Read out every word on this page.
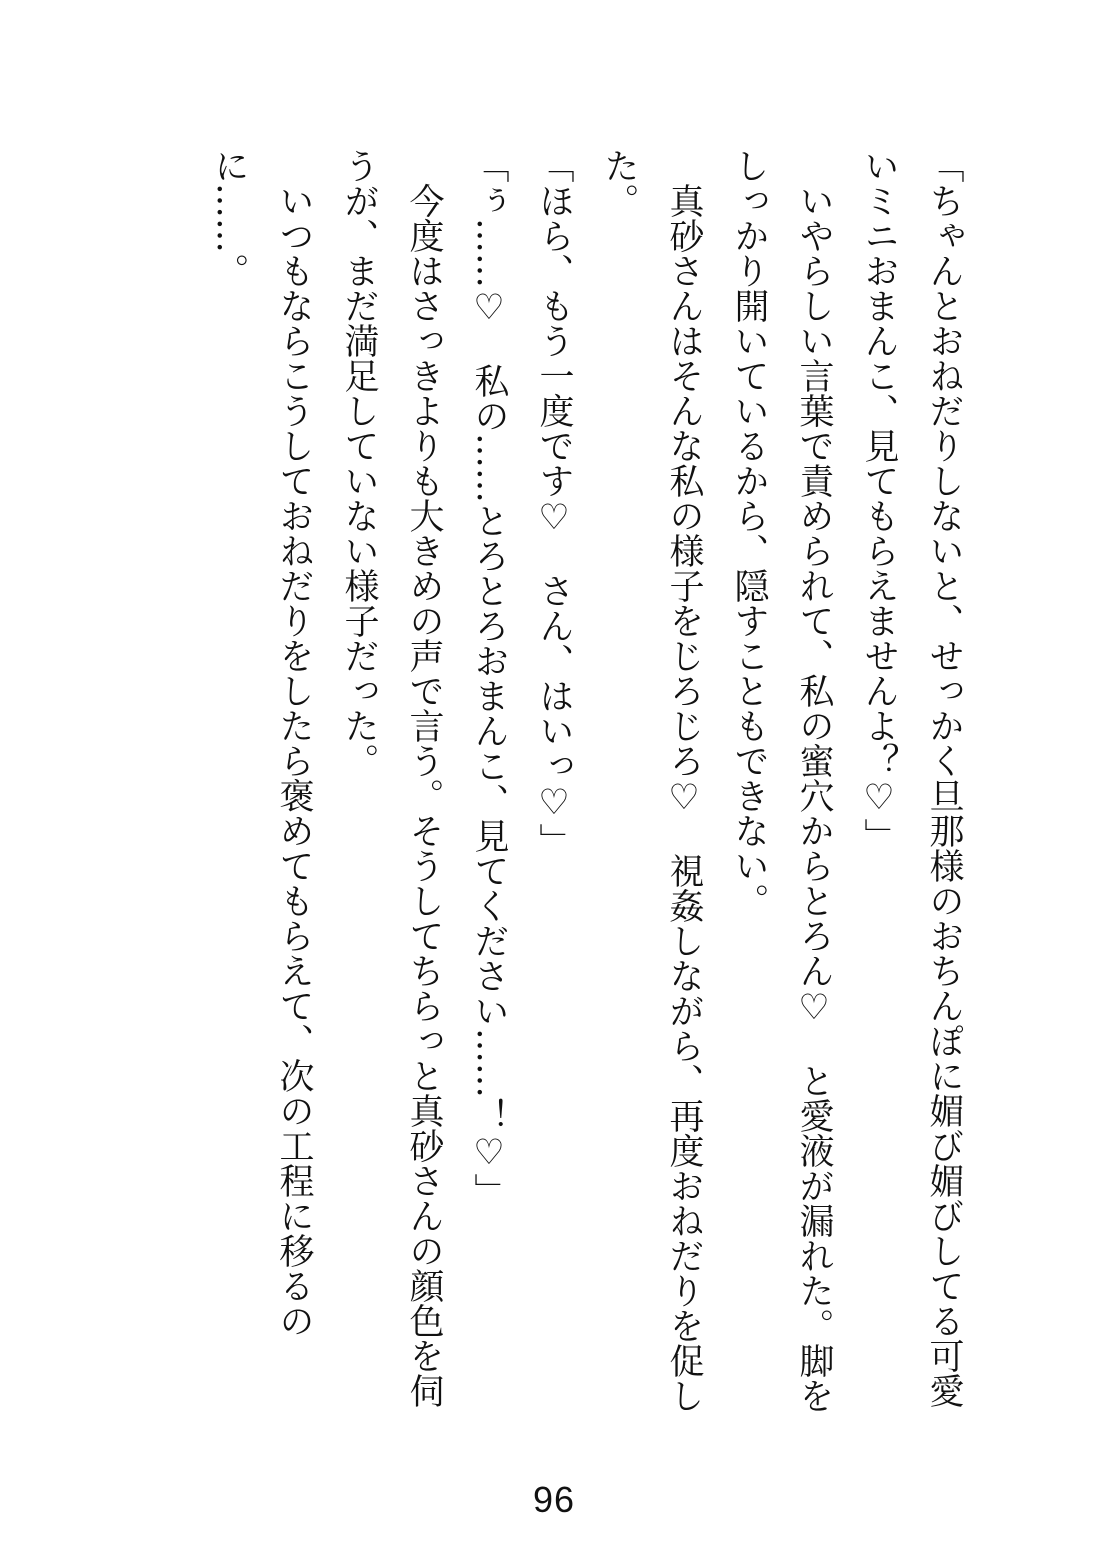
「ちゃんとおねだりしないと、せっかく旦那様のおちんぽに媚び媚びしてる可愛いミニおまんこ、見てもらえませんよ？♡」

　いやらしい言葉で責められて、私の蜜穴からとろん♡　と愛液が漏れた。脚をしっかり開いているから、隠すこともできない。

　真砂さんはそんな私の様子をじろじろ♡　視姦しながら、再度おねだりを促した。

「ほら、もう一度です♡　さん、はいっ♡」

「ぅ……♡　私の……とろとろおまんこ、見てください……！♡」

　今度はさっきよりも大きめの声で言う。そうしてちらっと真砂さんの顔色を伺うが、まだ満足していない様子だった。

　いつもならこうしておねだりをしたら褒めてもらえて、次の工程に移るのに……。

96
